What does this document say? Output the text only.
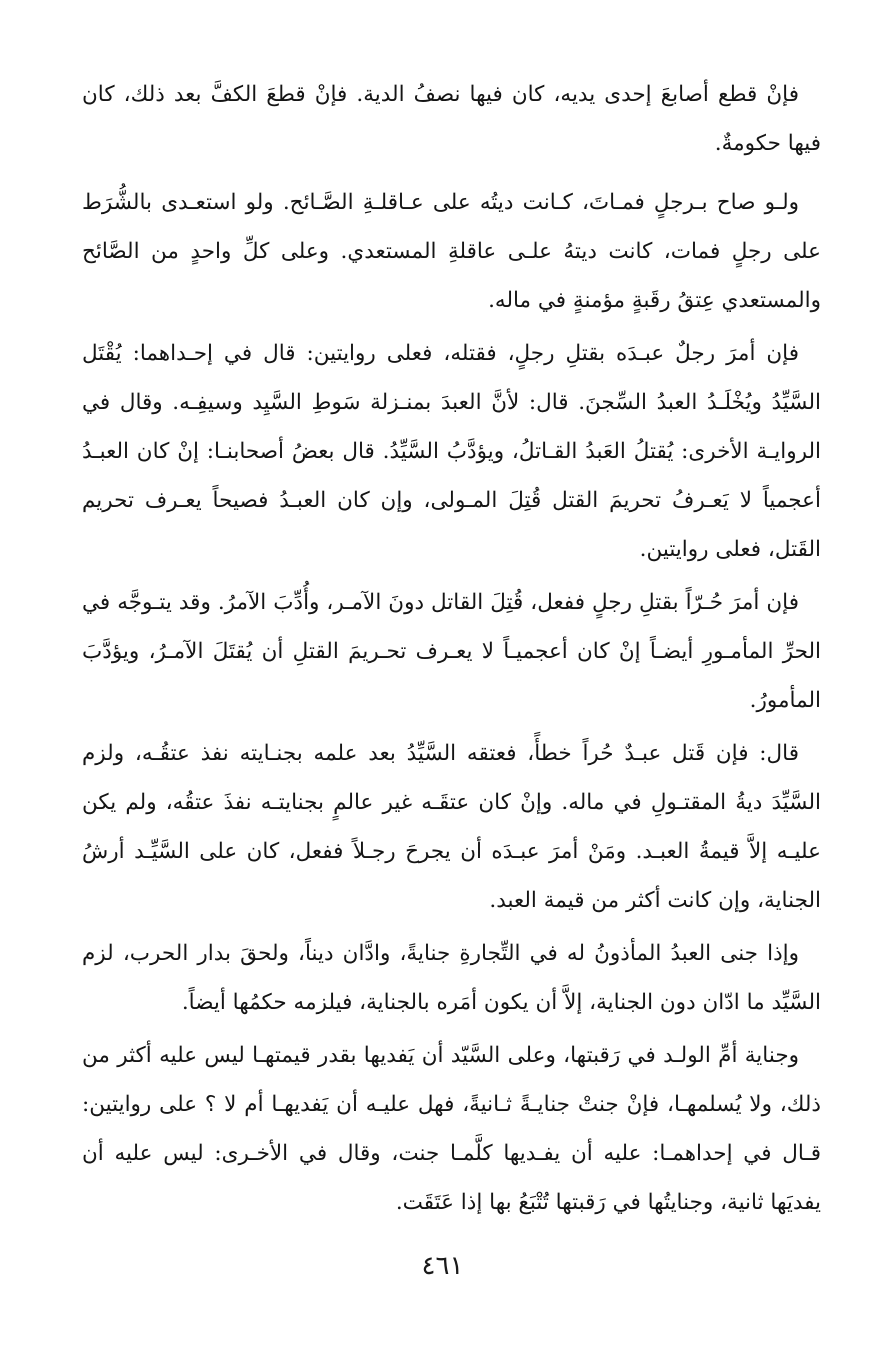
فإنْ قطع أصابعَ إحدى يديه، كان فيها نصفُ الدية. فإنْ قطعَ الكفَّ بعد ذلك، كان فيها حكومةٌ.

ولـو صاح بـرجلٍ فمـاتَ، كـانت ديتُه على عـاقلـةِ الصَّـائح. ولو استعـدى بالشُّرَط على رجلٍ فمات، كانت ديتهُ علـى عاقلةِ المستعدي. وعلى كلِّ واحدٍ من الصَّائح والمستعدي عِتقُ رقَبةٍ مؤمنةٍ في ماله.

فإن أمرَ رجلٌ عبـدَه بقتلِ رجلٍ، فقتله، فعلى روايتين: قال في إحـداهما: يُقْتَل السَّيِّدُ ويُخْلَـدُ العبدُ السِّجنَ. قال: لأنَّ العبدَ بمنـزلة سَوطِ السَّيِد وسيفِـه. وقال في الروايـة الأخرى: يُقتلُ العَبدُ القـاتلُ، ويؤدَّبُ السَّيِّدُ. قال بعضُ أصحابنـا: إنْ كان العبـدُ أعجمياً لا يَعـرفُ تحريمَ القتل قُتِلَ المـولى، وإن كان العبـدُ فصيحاً يعـرف تحريم القَتل، فعلى روايتين.

فإن أمرَ حُـرّاً بقتلِ رجلٍ ففعل، قُتِلَ القاتل دونَ الآمـر، وأُدِّبَ الآمرُ. وقد يتـوجَّه في الحرِّ المأمـورِ أيضـاً إنْ كان أعجميـاً لا يعـرف تحـريمَ القتلِ أن يُقتَلَ الآمـرُ، ويؤدَّبَ المأمورُ.

قال: فإن قَتل عبـدٌ حُراً خطأً، فعتقه السَّيِّدُ بعد علمه بجنـايته نفذ عتقُـه، ولزم السَّيِّدَ ديةُ المقتـولِ في ماله. وإنْ كان عتقَـه غير عالمٍ بجنايتـه نفذَ عتقُه، ولم يكن عليـه إلاَّ قيمةُ العبـد. ومَنْ أمرَ عبـدَه أن يجرحَ رجـلاً ففعل، كان على السَّيِّـد أرشُ الجناية، وإن كانت أكثر من قيمة العبد.

وإذا جنى العبدُ المأذونُ له في التِّجارةِ جنايةً، وادَّان ديناً، ولحقَ بدار الحرب، لزم السَّيِّد ما ادّان دون الجناية، إلاَّ أن يكون أمَره بالجناية، فيلزمه حكمُها أيضاً.

وجناية أمِّ الولـد في رَقبتها، وعلى السَّيّد أن يَفديها بقدر قيمتهـا ليس عليه أكثر من ذلك، ولا يُسلمهـا، فإنْ جنتْ جنايـةً ثـانيةً، فهل عليـه أن يَفديهـا أم لا ؟ على روايتين: قـال في إحداهمـا: عليه أن يفـديها كلَّمـا جنت، وقال في الأخـرى: ليس عليه أن يفديَها ثانية، وجنايتُها في رَقبتها تُتْبَعُ بها إذا عَتَقَت.

٤٦١
